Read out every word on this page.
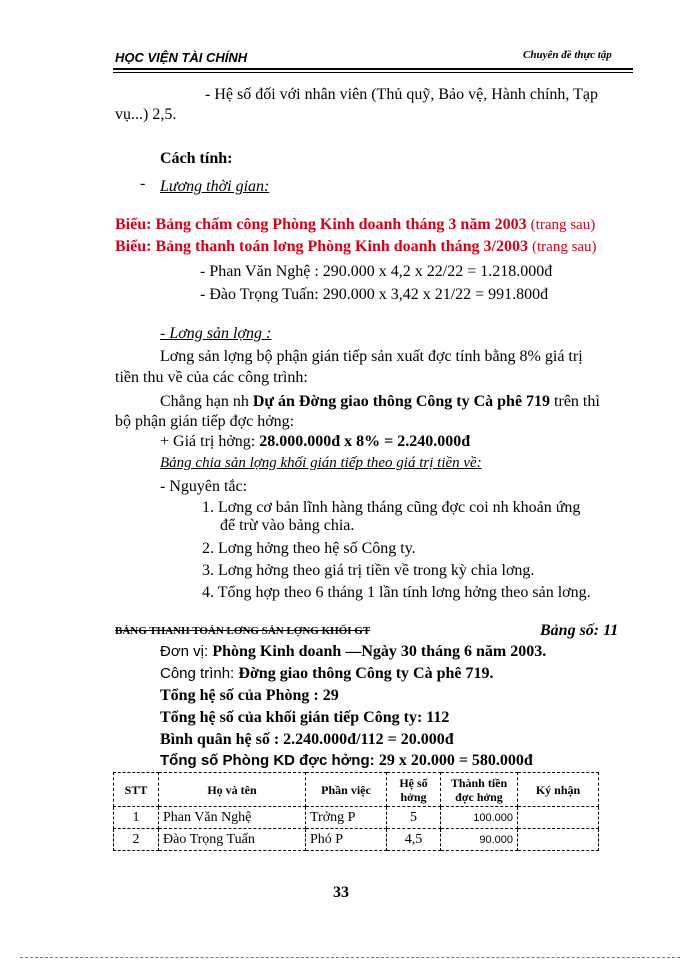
HỌC VIỆN TÀI CHÍNH	Chuyên đề thực tập
- Hệ số đối với nhân viên (Thủ quỹ, Bảo vệ, Hành chính, Tạp
vụ...) 2,5.
Cách tính:
- Lương thời gian:
Biểu: Bảng chấm công Phòng Kinh doanh tháng 3 năm 2003 (trang sau)
Biểu: Bảng thanh toán lơng Phòng Kinh doanh tháng 3/2003 (trang sau)
- Phan Văn Nghệ : 290.000 x 4,2 x 22/22 = 1.218.000đ
- Đào Trọng Tuấn: 290.000 x 3,42 x 21/22 = 991.800đ
- Lơng sản lợng :
Lơng sản lợng bộ phận gián tiếp sản xuất đợc tính bằng 8% giá trị
tiền thu về của các công trình:
Chẳng hạn nh Dự án Đờng giao thông Công ty Cà phê 719 trên thì
bộ phận gián tiếp đợc hởng:
+ Giá trị hởng: 28.000.000đ x 8% = 2.240.000đ
Bảng chia sản lợng khối gián tiếp theo giá trị tiền về:
- Nguyên tắc:
1. Lơng cơ bản lĩnh hàng tháng cũng đợc coi nh khoản ứng
để trừ vào bảng chia.
2. Lơng hởng theo hệ số Công ty.
3. Lơng hởng theo giá trị tiền về trong kỳ chia lơng.
4. Tổng hợp theo 6 tháng 1 lần tính lơng hởng theo sản lơng.
BẢNG THANH TOÁN LƠNG SẢN LỢNG KHỐI GT	Bảng số: 11
Đơn vị: Phòng Kinh doanh —Ngày 30 tháng 6 năm 2003.
Công trình: Đờng giao thông Công ty Cà phê 719.
Tổng hệ số của Phòng : 29
Tổng hệ số của khối gián tiếp Công ty: 112
Bình quân hệ số : 2.240.000đ/112 = 20.000đ
Tổng số Phòng KD đợc hởng: 29 x 20.000 = 580.000đ
STT	Họ và tên	Phần việc	Hệ số hởng	Thành tiền đợc hởng	Ký nhận
1	Phan Văn Nghệ	Trởng P	5	100.000	
2	Đào Trọng Tuấn	Phó P	4,5	90.000	
33
